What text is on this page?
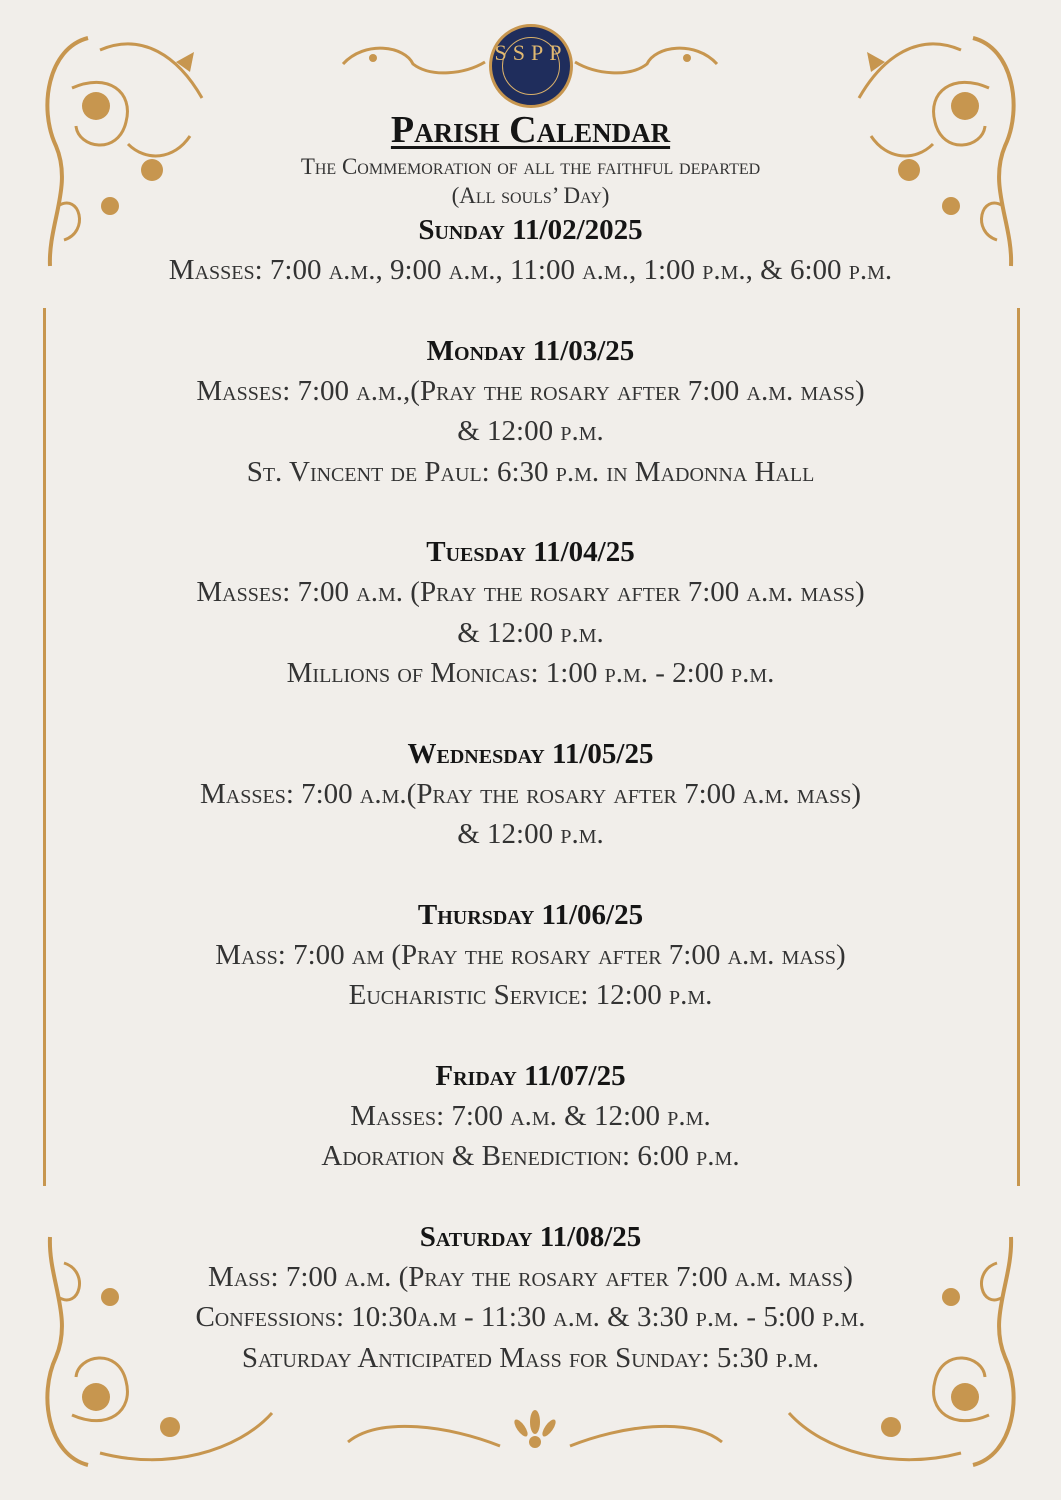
SSPP
Parish Calendar
The Commemoration of all the faithful departed
(All souls’ Day)
Sunday 11/02/2025
Masses: 7:00 a.m., 9:00 a.m., 11:00 a.m., 1:00 p.m., & 6:00 p.m.
Monday 11/03/25
Masses: 7:00 a.m.,(Pray the rosary after 7:00 a.m. mass)
& 12:00 p.m.
St. Vincent de Paul: 6:30 p.m. in Madonna Hall
Tuesday 11/04/25
Masses: 7:00 a.m. (Pray the rosary after 7:00 a.m. mass)
& 12:00 p.m.
Millions of Monicas: 1:00 p.m. - 2:00 p.m.
Wednesday 11/05/25
Masses: 7:00 a.m.(Pray the rosary after 7:00 a.m. mass)
& 12:00 p.m.
Thursday 11/06/25
Mass: 7:00 am (Pray the rosary after 7:00 a.m. mass)
Eucharistic Service: 12:00 p.m.
Friday 11/07/25
Masses: 7:00 a.m. & 12:00 p.m.
Adoration & Benediction: 6:00 p.m.
Saturday 11/08/25
Mass: 7:00 a.m. (Pray the rosary after 7:00 a.m. mass)
Confessions: 10:30a.m - 11:30 a.m. & 3:30 p.m. - 5:00 p.m.
Saturday Anticipated Mass for Sunday: 5:30 p.m.
